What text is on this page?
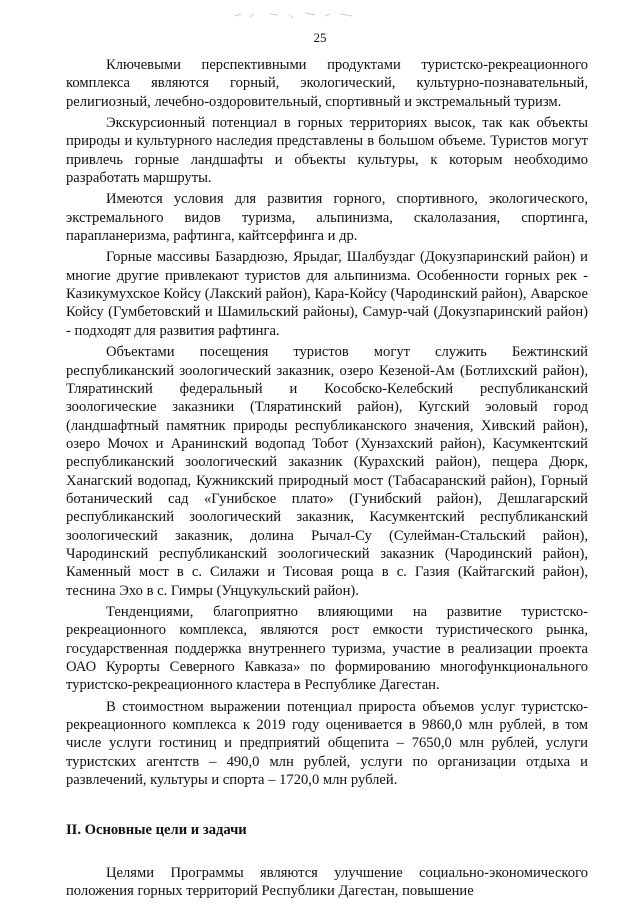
25

Ключевыми перспективными продуктами туристско-рекреационного комплекса являются горный, экологический, культурно-познавательный, религиозный, лечебно-оздоровительный, спортивный и экстремальный туризм.

Экскурсионный потенциал в горных территориях высок, так как объекты природы и культурного наследия представлены в большом объеме. Туристов могут привлечь горные ландшафты и объекты культуры, к которым необходимо разработать маршруты.

Имеются условия для развития горного, спортивного, экологического, экстремального видов туризма, альпинизма, скалолазания, спортинга, парапланеризма, рафтинга, кайтсерфинга и др.

Горные массивы Базардюзю, Ярыдаг, Шалбуздаг (Докузпаринский район) и многие другие привлекают туристов для альпинизма. Особенности горных рек - Казикумухское Койсу (Лакский район), Кара-Койсу (Чародинский район), Аварское Койсу (Гумбетовский и Шамильский районы), Самур-чай (Докузпаринский район) - подходят для развития рафтинга.

Объектами посещения туристов могут служить Бежтинский республиканский зоологический заказник, озеро Кезеной-Ам (Ботлихский район), Тляратинский федеральный и Кособско-Келебский республиканский зоологические заказники (Тляратинский район), Кугский эоловый город (ландшафтный памятник природы республиканского значения, Хивский район), озеро Мочох и Аранинский водопад Тобот (Хунзахский район), Касумкентский республиканский зоологический заказник (Курахский район), пещера Дюрк, Ханагский водопад, Кужникский природный мост (Табасаранский район), Горный ботанический сад «Гунибское плато» (Гунибский район), Дешлагарский республиканский зоологический заказник, Касумкентский республиканский зоологический заказник, долина Рычал-Су (Сулейман-Стальский район), Чародинский республиканский зоологический заказник (Чародинский район), Каменный мост в с. Силажи и Тисовая роща в с. Газия (Кайтагский район), теснина Эхо в с. Гимры (Унцукульский район).

Тенденциями, благоприятно влияющими на развитие туристско-рекреационного комплекса, являются рост емкости туристического рынка, государственная поддержка внутреннего туризма, участие в реализации проекта ОАО Курорты Северного Кавказа» по формированию многофункционального туристско-рекреационного кластера в Республике Дагестан.

В стоимостном выражении потенциал прироста объемов услуг туристско-рекреационного комплекса к 2019 году оценивается в 9860,0 млн рублей, в том числе услуги гостиниц и предприятий общепита – 7650,0 млн рублей, услуги туристских агентств – 490,0 млн рублей, услуги по организации отдыха и развлечений, культуры и спорта – 1720,0 млн рублей.

II. Основные цели и задачи

Целями Программы являются улучшение социально-экономического положения горных территорий Республики Дагестан, повышение
